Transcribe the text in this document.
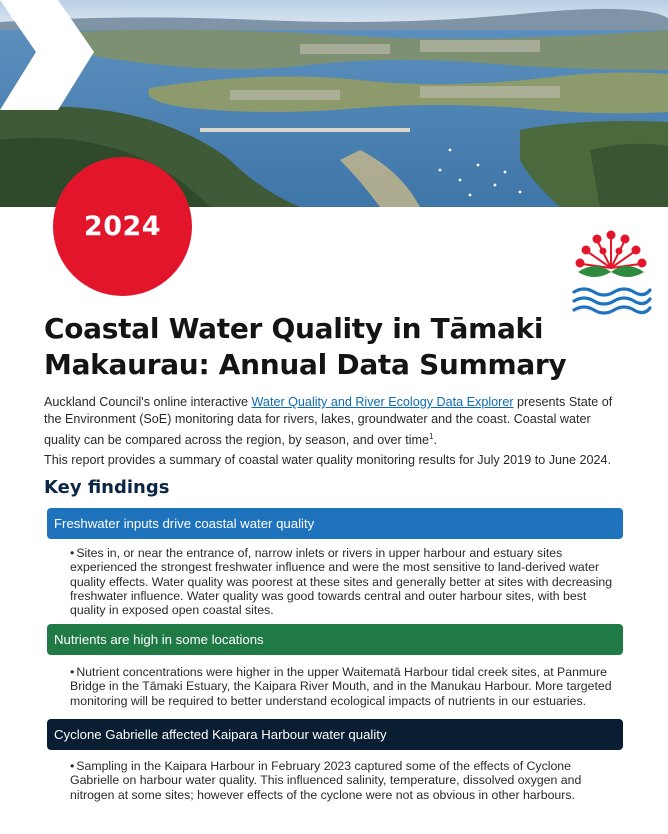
2024
Coastal Water Quality in Tāmaki Makaurau: Annual Data Summary

Auckland Council's online interactive Water Quality and River Ecology Data Explorer presents State of the Environment (SoE) monitoring data for rivers, lakes, groundwater and the coast. Coastal water quality can be compared across the region, by season, and over time$^1$.

This report provides a summary of coastal water quality monitoring results for July 2019 to June 2024.

Key findings
Freshwater inputs drive coastal water quality

• Sites in, or near the entrance of, narrow inlets or rivers in upper harbour and estuary sites experienced the strongest freshwater influence and were the most sensitive to land-derived water quality effects. Water quality was poorest at these sites and generally better at sites with decreasing freshwater influence. Water quality was good towards central and outer harbour sites, with best quality in exposed open coastal sites.

Nutrients are high in some locations

• Nutrient concentrations were higher in the upper Waitematā Harbour tidal creek sites, at Panmure Bridge in the Tāmaki Estuary, the Kaipara River Mouth, and in the Manukau Harbour. More targeted monitoring will be required to better understand ecological impacts of nutrients in our estuaries.

Cyclone Gabrielle affected Kaipara Harbour water quality

• Sampling in the Kaipara Harbour in February 2023 captured some of the effects of Cyclone Gabrielle on harbour water quality. This influenced salinity, temperature, dissolved oxygen and nitrogen at some sites; however effects of the cyclone were not as obvious in other harbours.
